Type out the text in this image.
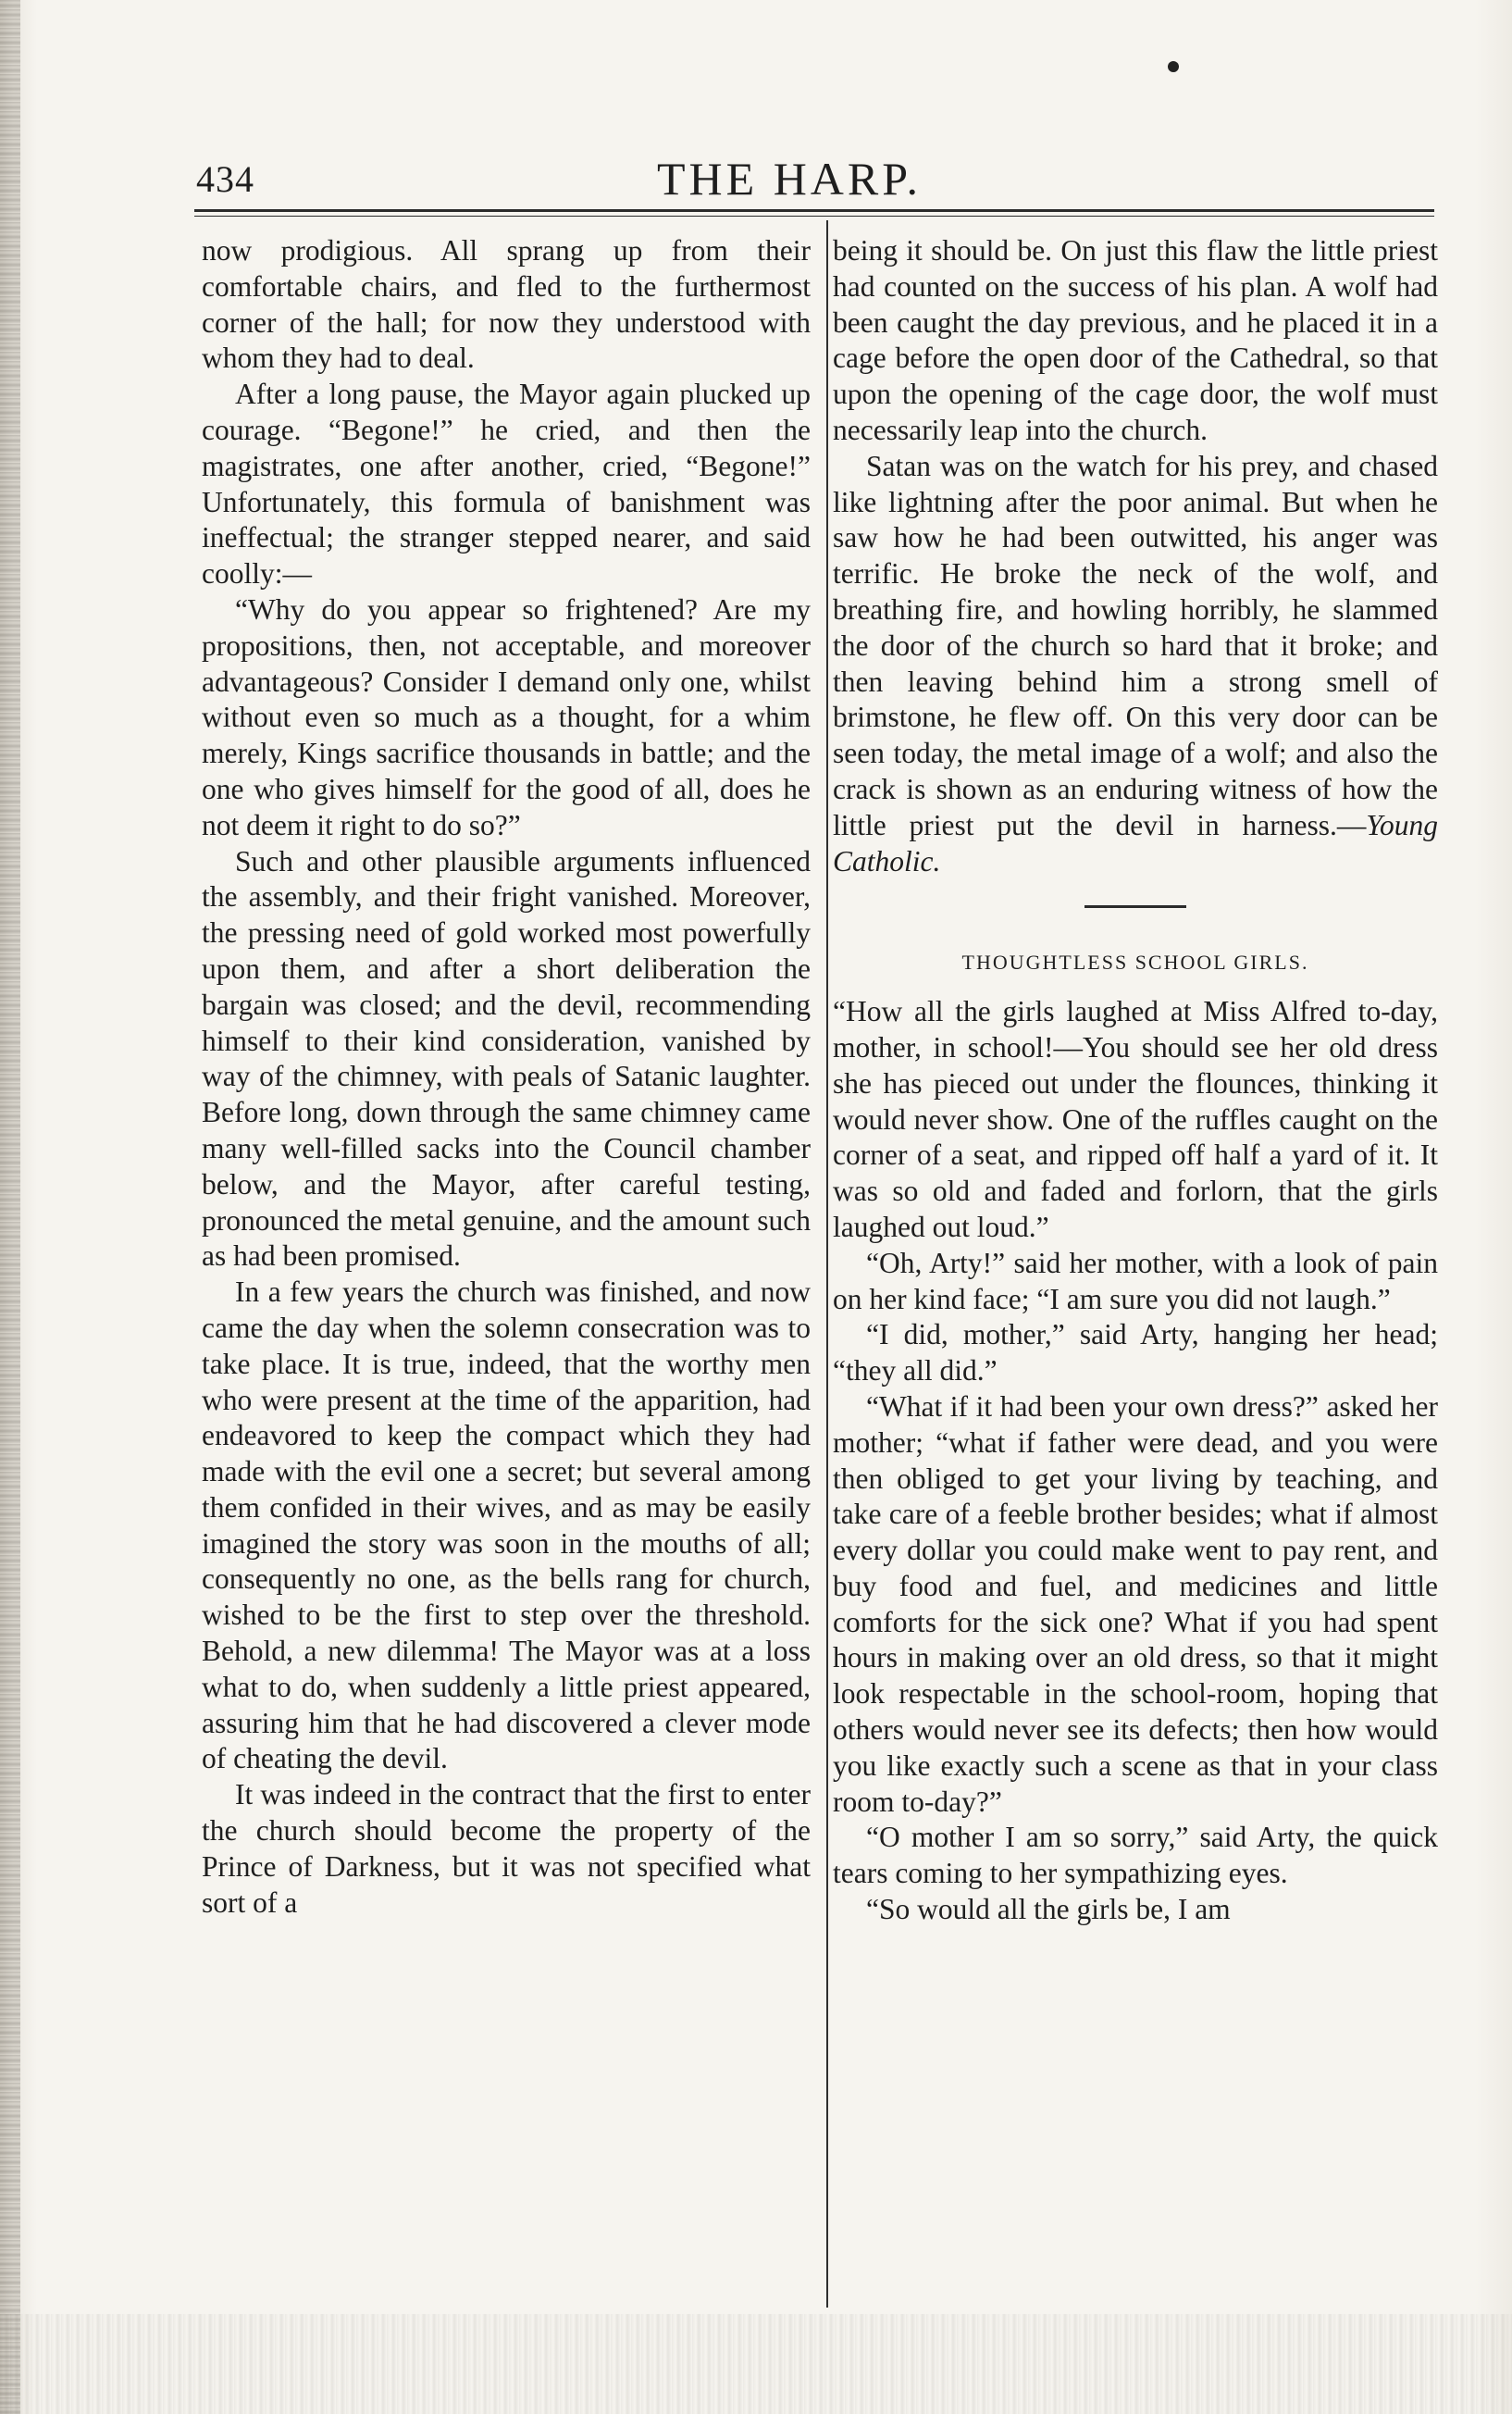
434	THE HARP.

now prodigious. All sprang up from their comfortable chairs, and fled to the furthermost corner of the hall; for now they understood with whom they had to deal.

After a long pause, the Mayor again plucked up courage. “Begone!” he cried, and then the magistrates, one after another, cried, “Begone!” Unfortunately, this formula of banishment was ineffectual; the stranger stepped nearer, and said coolly:—

“Why do you appear so frightened? Are my propositions, then, not acceptable, and moreover advantageous? Consider I demand only one, whilst without even so much as a thought, for a whim merely, Kings sacrifice thousands in battle; and the one who gives himself for the good of all, does he not deem it right to do so?”

Such and other plausible arguments influenced the assembly, and their fright vanished. Moreover, the pressing need of gold worked most powerfully upon them, and after a short deliberation the bargain was closed; and the devil, recommending himself to their kind consideration, vanished by way of the chimney, with peals of Satanic laughter. Before long, down through the same chimney came many well-filled sacks into the Council chamber below, and the Mayor, after careful testing, pronounced the metal genuine, and the amount such as had been promised.

In a few years the church was finished, and now came the day when the solemn consecration was to take place. It is true, indeed, that the worthy men who were present at the time of the apparition, had endeavored to keep the compact which they had made with the evil one a secret; but several among them confided in their wives, and as may be easily imagined the story was soon in the mouths of all; consequently no one, as the bells rang for church, wished to be the first to step over the threshold. Behold, a new dilemma! The Mayor was at a loss what to do, when suddenly a little priest appeared, assuring him that he had discovered a clever mode of cheating the devil.

It was indeed in the contract that the first to enter the church should become the property of the Prince of Darkness, but it was not specified what sort of a

being it should be. On just this flaw the little priest had counted on the success of his plan. A wolf had been caught the day previous, and he placed it in a cage before the open door of the Cathedral, so that upon the opening of the cage door, the wolf must necessarily leap into the church.

Satan was on the watch for his prey, and chased like lightning after the poor animal. But when he saw how he had been outwitted, his anger was terrific. He broke the neck of the wolf, and breathing fire, and howling horribly, he slammed the door of the church so hard that it broke; and then leaving behind him a strong smell of brimstone, he flew off. On this very door can be seen today, the metal image of a wolf; and also the crack is shown as an enduring witness of how the little priest put the devil in harness.—Young Catholic.

THOUGHTLESS SCHOOL GIRLS.

“How all the girls laughed at Miss Alfred to-day, mother, in school!—You should see her old dress she has pieced out under the flounces, thinking it would never show. One of the ruffles caught on the corner of a seat, and ripped off half a yard of it. It was so old and faded and forlorn, that the girls laughed out loud.”

“Oh, Arty!” said her mother, with a look of pain on her kind face; “I am sure you did not laugh.”

“I did, mother,” said Arty, hanging her head; “they all did.”

“What if it had been your own dress?” asked her mother; “what if father were dead, and you were then obliged to get your living by teaching, and take care of a feeble brother besides; what if almost every dollar you could make went to pay rent, and buy food and fuel, and medicines and little comforts for the sick one? What if you had spent hours in making over an old dress, so that it might look respectable in the school-room, hoping that others would never see its defects; then how would you like exactly such a scene as that in your class room to-day?”

“O mother I am so sorry,” said Arty, the quick tears coming to her sympathizing eyes.

“So would all the girls be, I am
